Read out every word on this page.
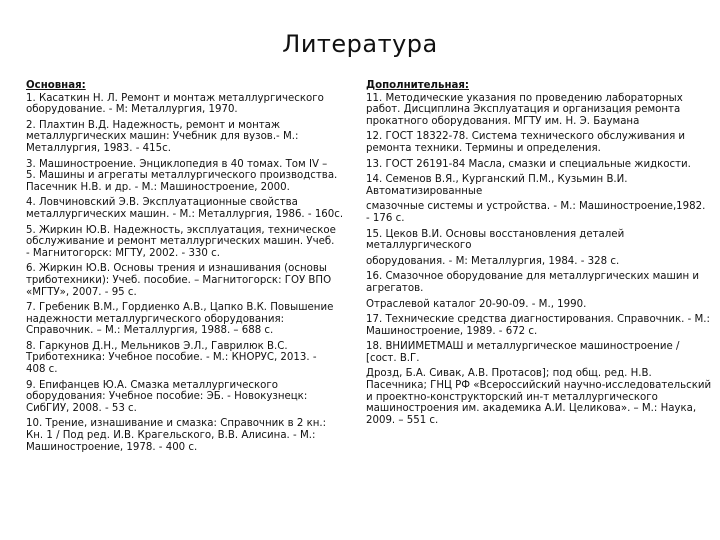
Литература
Основная:
1. Касаткин Н. Л. Ремонт и монтаж металлургического
оборудование. - М: Металлургия, 1970.
2. Плахтин В.Д. Надежность, ремонт и монтаж
металлургических машин: Учебник для вузов.- М.:
Металлургия, 1983. - 415с.
3. Машиностроение. Энциклопедия в 40 томах. Том IV –
5. Машины и агрегаты металлургического производства.
Пасечник Н.В. и др. - М.: Машиностроение, 2000.
4. Ловчиновский Э.В. Эксплуатационные свойства
металлургических машин. - М.: Металлургия, 1986. - 160с.
5. Жиркин Ю.В. Надежность, эксплуатация, техническое
обслуживание и ремонт металлургических машин. Учеб.
- Магнитогорск: МГТУ, 2002. - 330 с.
6. Жиркин Ю.В. Основы трения и изнашивания (основы
триботехники): Учеб. пособие. – Магнитогорск: ГОУ ВПО
«МГТУ», 2007. - 95 с.
7. Гребеник В.М., Гордиенко А.В., Цапко В.К. Повышение
надежности металлургического оборудования:
Справочник. – М.: Металлургия, 1988. – 688 с.
8. Гаркунов Д.Н., Мельников Э.Л., Гаврилюк В.С.
Триботехника: Учебное пособие. - М.: КНОРУС, 2013. -
408 с.
9. Епифанцев Ю.А. Смазка металлургического
оборудования: Учебное пособие: ЭБ. - Новокузнецк:
СибГИУ, 2008. - 53 с.
10. Трение, изнашивание и смазка: Справочник в 2 кн.:
Кн. 1 / Под ред. И.В. Крагельского, В.В. Алисина. - М.:
Машиностроение, 1978. - 400 с.
Дополнительная:
11. Методические указания по проведению лабораторных
работ. Дисциплина Эксплуатация и организация ремонта
прокатного оборудования. МГТУ им. Н. Э. Баумана
12. ГОСТ 18322-78. Система технического обслуживания и
ремонта техники. Термины и определения.
13. ГОСТ 26191-84 Масла, смазки и специальные жидкости.
14. Семенов В.Я., Курганский П.М., Кузьмин В.И.
Автоматизированные
смазочные системы и устройства. - М.: Машиностроение,1982.
- 176 с.
15. Цеков В.И. Основы восстановления деталей
металлургического
оборудования. - М: Металлургия, 1984. - 328 с.
16. Смазочное оборудование для металлургических машин и
агрегатов.
Отраслевой каталог 20-90-09. - М., 1990.
17. Технические средства диагностирования. Справочник. - М.:
Машиностроение, 1989. - 672 с.
18. ВНИИМЕТМАШ и металлургическое машиностроение /
[сост. В.Г.
Дрозд, Б.А. Сивак, А.В. Протасов]; под общ. ред. Н.В.
Пасечника; ГНЦ РФ «Всероссийский научно-исследовательский
и проектно-конструкторский ин-т металлургического
машиностроения им. академика А.И. Целикова». – М.: Наука,
2009. – 551 с.
